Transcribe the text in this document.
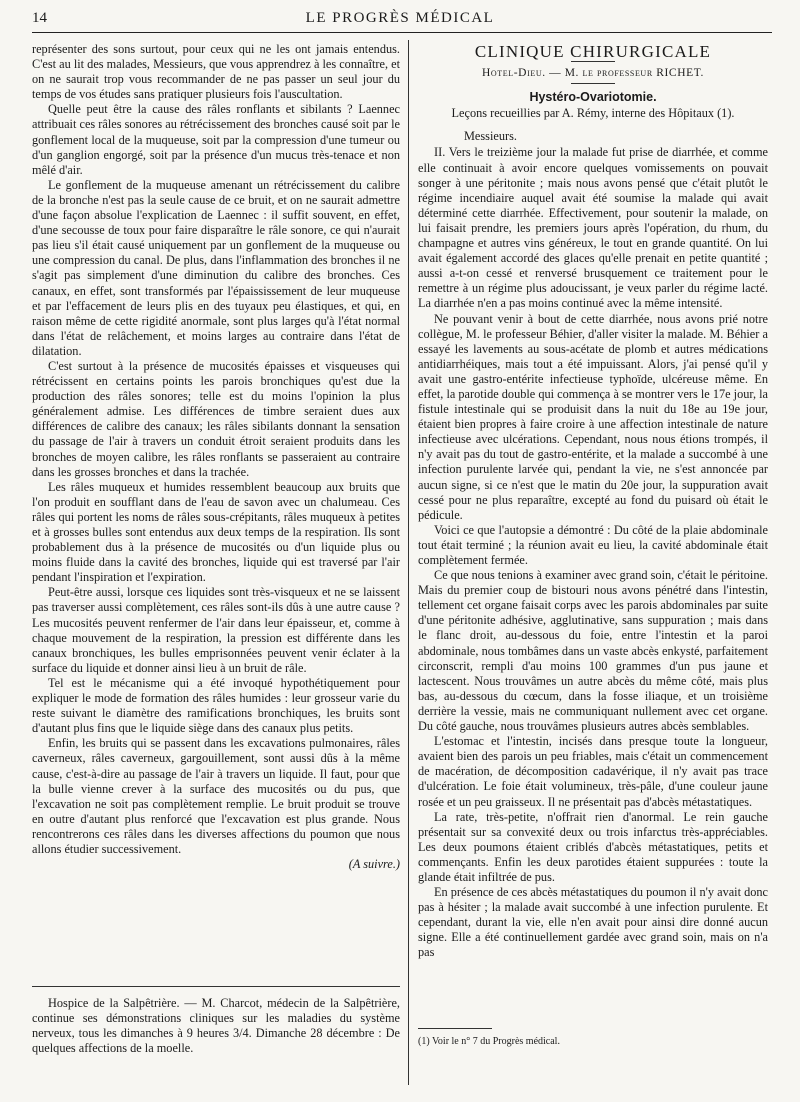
14	LE PROGRÈS MÉDICAL

représenter des sons surtout, pour ceux qui ne les ont jamais entendus. C'est au lit des malades, Messieurs, que vous apprendrez à les connaître, et on ne saurait trop vous recommander de ne pas passer un seul jour du temps de vos études sans pratiquer plusieurs fois l'auscultation.

Quelle peut être la cause des râles ronflants et sibilants ? Laennec attribuait ces râles sonores au rétrécissement des bronches causé soit par le gonflement local de la muqueuse, soit par la compression d'une tumeur ou d'un ganglion engorgé, soit par la présence d'un mucus très-tenace et non mêlé d'air.

Le gonflement de la muqueuse amenant un rétrécissement du calibre de la bronche n'est pas la seule cause de ce bruit, et on ne saurait admettre d'une façon absolue l'explication de Laennec : il suffit souvent, en effet, d'une secousse de toux pour faire disparaître le râle sonore, ce qui n'aurait pas lieu s'il était causé uniquement par un gonflement de la muqueuse ou une compression du canal. De plus, dans l'inflammation des bronches il ne s'agit pas simplement d'une diminution du calibre des bronches. Ces canaux, en effet, sont transformés par l'épaississement de leur muqueuse et par l'effacement de leurs plis en des tuyaux peu élastiques, et qui, en raison même de cette rigidité anormale, sont plus larges qu'à l'état normal dans l'état de relâchement, et moins larges au contraire dans l'état de dilatation.

C'est surtout à la présence de mucosités épaisses et visqueuses qui rétrécissent en certains points les parois bronchiques qu'est due la production des râles sonores; telle est du moins l'opinion la plus généralement admise. Les différences de timbre seraient dues aux différences de calibre des canaux; les râles sibilants donnant la sensation du passage de l'air à travers un conduit étroit seraient produits dans les bronches de moyen calibre, les râles ronflants se passeraient au contraire dans les grosses bronches et dans la trachée.

Les râles muqueux et humides ressemblent beaucoup aux bruits que l'on produit en soufflant dans de l'eau de savon avec un chalumeau. Ces râles qui portent les noms de râles sous-crépitants, râles muqueux à petites et à grosses bulles sont entendus aux deux temps de la respiration. Ils sont probablement dus à la présence de mucosités ou d'un liquide plus ou moins fluide dans la cavité des bronches, liquide qui est traversé par l'air pendant l'inspiration et l'expiration.

Peut-être aussi, lorsque ces liquides sont très-visqueux et ne se laissent pas traverser aussi complètement, ces râles sont-ils dûs à une autre cause ? Les mucosités peuvent renfermer de l'air dans leur épaisseur, et, comme à chaque mouvement de la respiration, la pression est différente dans les canaux bronchiques, les bulles emprisonnées peuvent venir éclater à la surface du liquide et donner ainsi lieu à un bruit de râle.

Tel est le mécanisme qui a été invoqué hypothétiquement pour expliquer le mode de formation des râles humides : leur grosseur varie du reste suivant le diamètre des ramifications bronchiques, les bruits sont d'autant plus fins que le liquide siège dans des canaux plus petits.

Enfin, les bruits qui se passent dans les excavations pulmonaires, râles caverneux, râles caverneux, gargouillement, sont aussi dûs à la même cause, c'est-à-dire au passage de l'air à travers un liquide. Il faut, pour que la bulle vienne crever à la surface des mucosités ou du pus, que l'excavation ne soit pas complètement remplie. Le bruit produit se trouve en outre d'autant plus renforcé que l'excavation est plus grande. Nous rencontrerons ces râles dans les diverses affections du poumon que nous allons étudier successivement.

(A suivre.)

Hospice de la Salpêtrière. — M. Charcot, médecin de la Salpêtrière, continue ses démonstrations cliniques sur les maladies du système nerveux, tous les dimanches à 9 heures 3/4. Dimanche 28 décembre : De quelques affections de la moelle.

CLINIQUE CHIRURGICALE
Hotel-Dieu. — M. le professeur RICHET.
Hystéro-Ovariotomie.
Leçons recueillies par A. Rémy, interne des Hôpitaux (1).

Messieurs.

II. Vers le treizième jour la malade fut prise de diarrhée, et comme elle continuait à avoir encore quelques vomissements on pouvait songer à une péritonite ; mais nous avons pensé que c'était plutôt le régime incendiaire auquel avait été soumise la malade qui avait déterminé cette diarrhée. Effectivement, pour soutenir la malade, on lui faisait prendre, les premiers jours après l'opération, du rhum, du champagne et autres vins généreux, le tout en grande quantité. On lui avait également accordé des glaces qu'elle prenait en petite quantité ; aussi a-t-on cessé et renversé brusquement ce traitement pour le remettre à un régime plus adoucissant, je veux parler du régime lacté. La diarrhée n'en a pas moins continué avec la même intensité.

Ne pouvant venir à bout de cette diarrhée, nous avons prié notre collègue, M. le professeur Béhier, d'aller visiter la malade. M. Béhier a essayé les lavements au sous-acétate de plomb et autres médications antidiarrhéiques, mais tout a été impuissant. Alors, j'ai pensé qu'il y avait une gastro-entérite infectieuse typhoïde, ulcéreuse même. En effet, la parotide double qui commença à se montrer vers le 17e jour, la fistule intestinale qui se produisit dans la nuit du 18e au 19e jour, étaient bien propres à faire croire à une affection intestinale de nature infectieuse avec ulcérations. Cependant, nous nous étions trompés, il n'y avait pas du tout de gastro-entérite, et la malade a succombé à une infection purulente larvée qui, pendant la vie, ne s'est annoncée par aucun signe, si ce n'est que le matin du 20e jour, la suppuration avait cessé pour ne plus reparaître, excepté au fond du puisard où était le pédicule.

Voici ce que l'autopsie a démontré : Du côté de la plaie abdominale tout était terminé ; la réunion avait eu lieu, la cavité abdominale était complètement fermée.

Ce que nous tenions à examiner avec grand soin, c'était le péritoine. Mais du premier coup de bistouri nous avons pénétré dans l'intestin, tellement cet organe faisait corps avec les parois abdominales par suite d'une péritonite adhésive, agglutinative, sans suppuration ; mais dans le flanc droit, au-dessous du foie, entre l'intestin et la paroi abdominale, nous tombâmes dans un vaste abcès enkysté, parfaitement circonscrit, rempli d'au moins 100 grammes d'un pus jaune et lactescent. Nous trouvâmes un autre abcès du même côté, mais plus bas, au-dessous du cœcum, dans la fosse iliaque, et un troisième derrière la vessie, mais ne communiquant nullement avec cet organe. Du côté gauche, nous trouvâmes plusieurs autres abcès semblables.

L'estomac et l'intestin, incisés dans presque toute la longueur, avaient bien des parois un peu friables, mais c'était un commencement de macération, de décomposition cadavérique, il n'y avait pas trace d'ulcération. Le foie était volumineux, très-pâle, d'une couleur jaune rosée et un peu graisseux. Il ne présentait pas d'abcès métastatiques.

La rate, très-petite, n'offrait rien d'anormal. Le rein gauche présentait sur sa convexité deux ou trois infarctus très-appréciables. Les deux poumons étaient criblés d'abcès métastatiques, petits et commençants. Enfin les deux parotides étaient suppurées : toute la glande était infiltrée de pus.

En présence de ces abcès métastatiques du poumon il n'y avait donc pas à hésiter ; la malade avait succombé à une infection purulente. Et cependant, durant la vie, elle n'en avait pour ainsi dire donné aucun signe. Elle a été continuellement gardée avec grand soin, mais on n'a pas

(1) Voir le n° 7 du Progrès médical.
